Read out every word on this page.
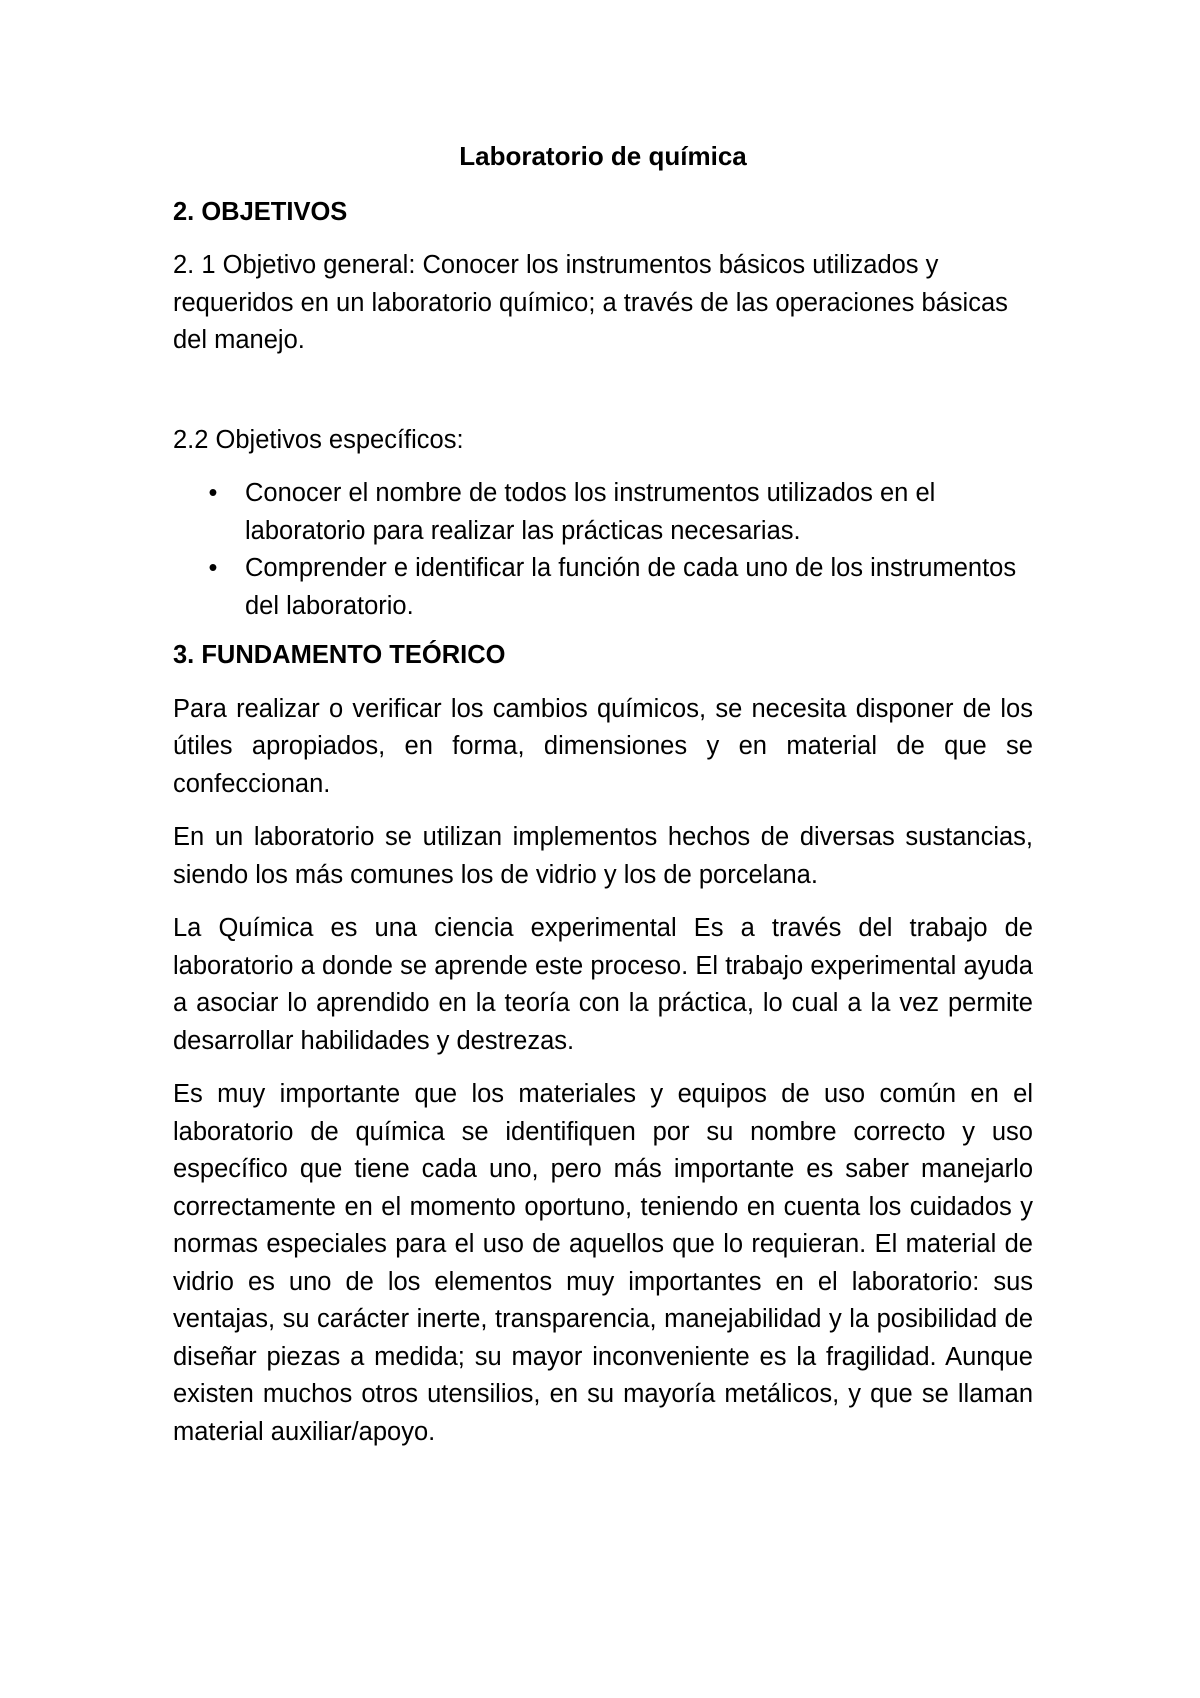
Laboratorio de química
2. OBJETIVOS

2. 1 Objetivo general: Conocer los instrumentos básicos utilizados y requeridos en un laboratorio químico; a través de las operaciones básicas del manejo.

2.2 Objetivos específicos:

• Conocer el nombre de todos los instrumentos utilizados en el laboratorio para realizar las prácticas necesarias.
• Comprender e identificar la función de cada uno de los instrumentos del laboratorio.
3. FUNDAMENTO TEÓRICO

Para realizar o verificar los cambios químicos, se necesita disponer de los útiles apropiados, en forma, dimensiones y en material de que se confeccionan.

En un laboratorio se utilizan implementos hechos de diversas sustancias, siendo los más comunes los de vidrio y los de porcelana.

La Química es una ciencia experimental Es a través del trabajo de laboratorio a donde se aprende este proceso. El trabajo experimental ayuda a asociar lo aprendido en la teoría con la práctica, lo cual a la vez permite desarrollar habilidades y destrezas.

Es muy importante que los materiales y equipos de uso común en el laboratorio de química se identifiquen por su nombre correcto y uso específico que tiene cada uno, pero más importante es saber manejarlo correctamente en el momento oportuno, teniendo en cuenta los cuidados y normas especiales para el uso de aquellos que lo requieran. El material de vidrio es uno de los elementos muy importantes en el laboratorio: sus ventajas, su carácter inerte, transparencia, manejabilidad y la posibilidad de diseñar piezas a medida; su mayor inconveniente es la fragilidad. Aunque existen muchos otros utensilios, en su mayoría metálicos, y que se llaman material auxiliar/apoyo.
